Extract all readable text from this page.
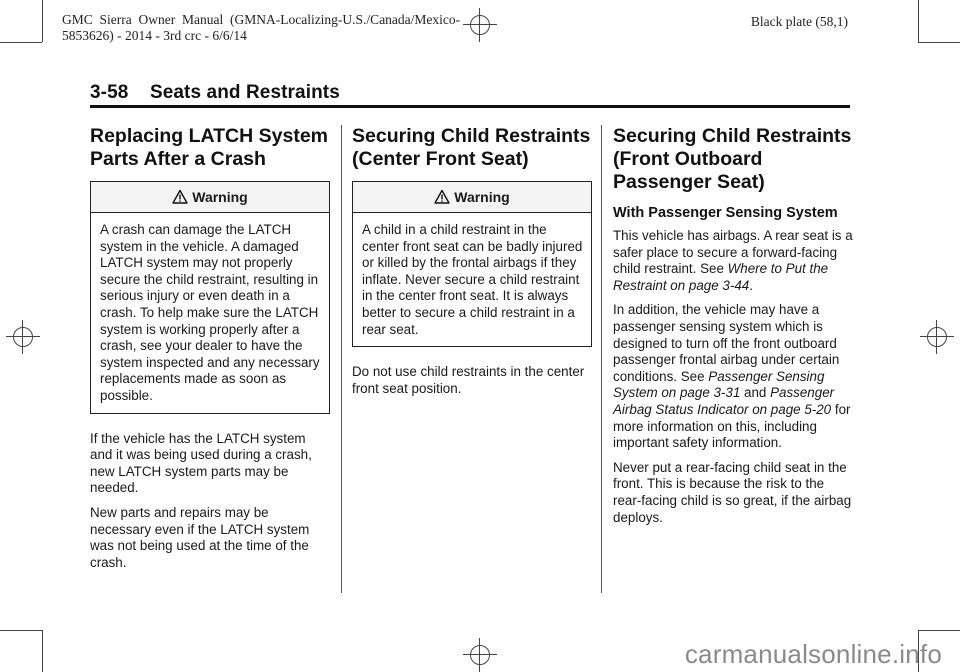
GMC  Sierra  Owner  Manual  (GMNA-Localizing-U.S./Canada/Mexico-
5853626) - 2014 - 3rd crc - 6/6/14
Black plate (58,1)
3-58    Seats and Restraints
Replacing LATCH System Parts After a Crash
Warning
A crash can damage the LATCH system in the vehicle. A damaged LATCH system may not properly secure the child restraint, resulting in serious injury or even death in a crash. To help make sure the LATCH system is working properly after a crash, see your dealer to have the system inspected and any necessary replacements made as soon as possible.

If the vehicle has the LATCH system and it was being used during a crash, new LATCH system parts may be needed.

New parts and repairs may be necessary even if the LATCH system was not being used at the time of the crash.

Securing Child Restraints (Center Front Seat)
Warning
A child in a child restraint in the center front seat can be badly injured or killed by the frontal airbags if they inflate. Never secure a child restraint in the center front seat. It is always better to secure a child restraint in a rear seat.

Do not use child restraints in the center front seat position.

Securing Child Restraints (Front Outboard Passenger Seat)
With Passenger Sensing System

This vehicle has airbags. A rear seat is a safer place to secure a forward-facing child restraint. See Where to Put the Restraint on page 3-44.

In addition, the vehicle may have a passenger sensing system which is designed to turn off the front outboard passenger frontal airbag under certain conditions. See Passenger Sensing System on page 3-31 and Passenger Airbag Status Indicator on page 5-20 for more information on this, including important safety information.

Never put a rear-facing child seat in the front. This is because the risk to the rear-facing child is so great, if the airbag deploys.

carmanualsonline.info
